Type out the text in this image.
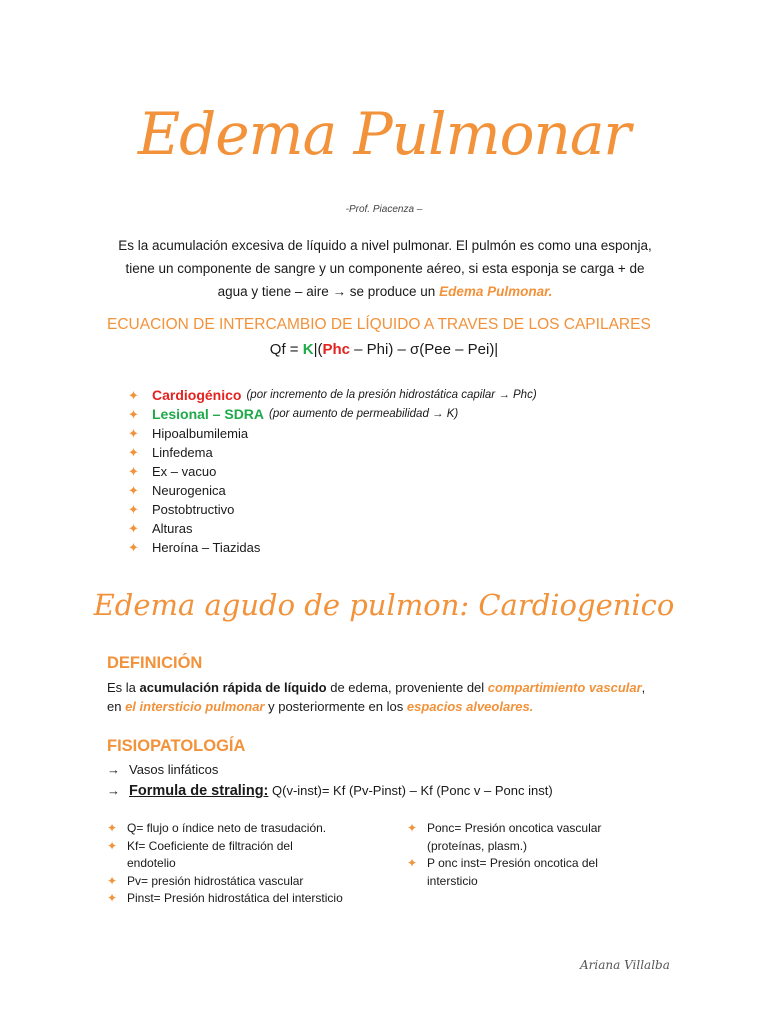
Edema Pulmonar
-Prof. Piacenza –
Es la acumulación excesiva de líquido a nivel pulmonar. El pulmón es como una esponja,
tiene un componente de sangre y un componente aéreo, si esta esponja se carga + de
agua y tiene – aire → se produce un Edema Pulmonar.
ECUACION DE INTERCAMBIO DE LÍQUIDO A TRAVES DE LOS CAPILARES
Qf = K|(Phc – Phi) – σ(Pee – Pei)|
✦ Cardiogénico (por incremento de la presión hidrostática capilar → Phc)
✦ Lesional – SDRA (por aumento de permeabilidad → K)
✦	Hipoalbumilemia
✦	Linfedema
✦	Ex – vacuo
✦	Neurogenica
✦	Postobtructivo
✦	Alturas
✦	Heroína – Tiazidas
Edema agudo de pulmon: Cardiogenico
DEFINICIÓN
Es la acumulación rápida de líquido de edema, proveniente del compartimiento vascular,
en el intersticio pulmonar y posteriormente en los espacios alveolares.
FISIOPATOLOGÍA
→ Vasos linfáticos
→ Formula de straling: Q(v-inst)= Kf (Pv-Pinst) – Kf (Ponc v – Ponc inst)
✦ Q= flujo o índice neto de trasudación.
✦ Kf= Coeficiente de filtración del endotelio
✦ Pv= presión hidrostática vascular
✦ Pinst= Presión hidrostática del intersticio
✦ Ponc= Presión oncotica vascular (proteínas, plasm.)
✦ P onc inst= Presión oncotica del intersticio
Ariana Villalba
